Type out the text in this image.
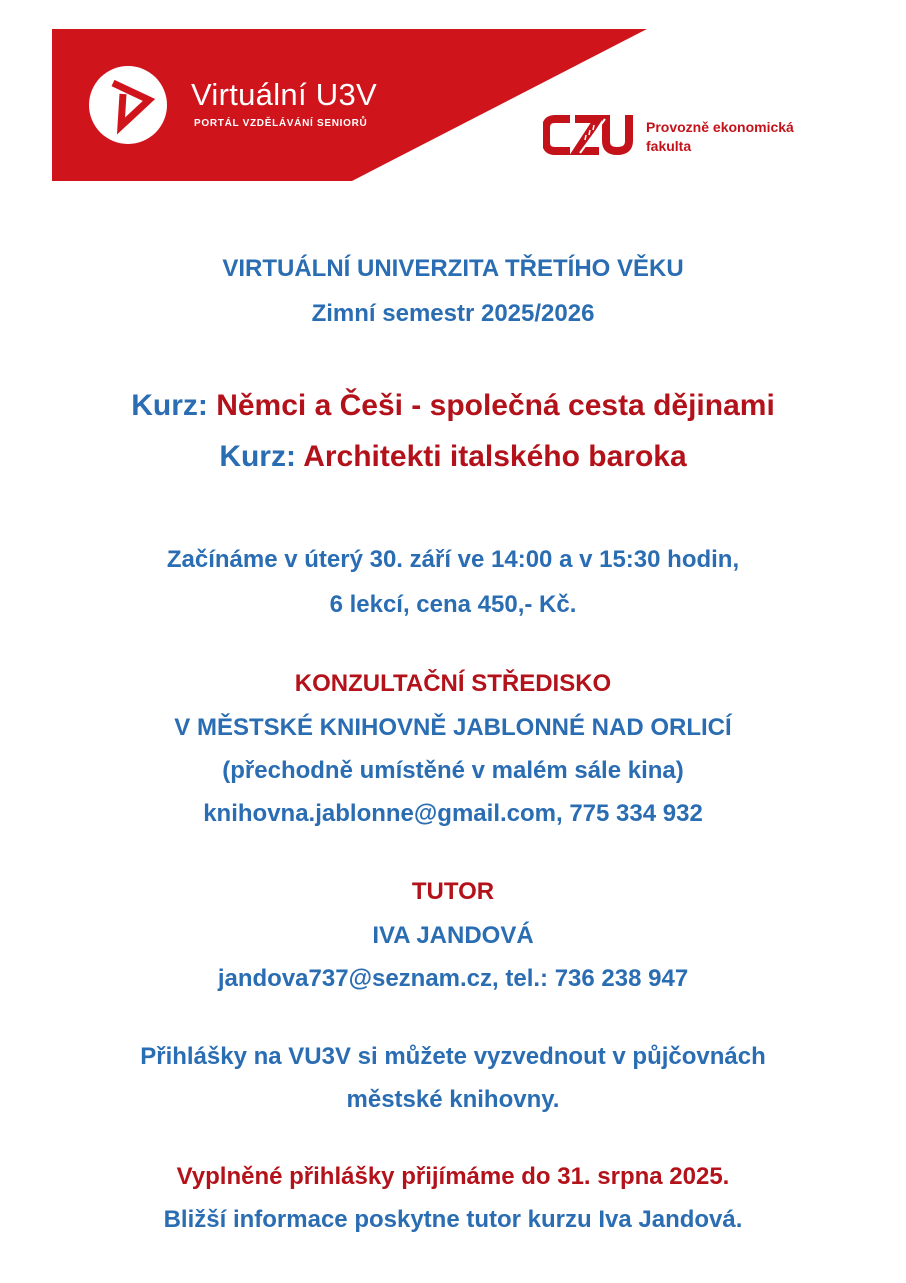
Virtuální U3V
PORTÁL VZDĚLÁVÁNÍ SENIORŮ	Provozně ekonomická
fakulta
VIRTUÁLNÍ UNIVERZITA TŘETÍHO VĚKU
Zimní semestr 2025/2026
Kurz: Němci a Češi - společná cesta dějinami
Kurz: Architekti italského baroka
Začínáme v úterý 30. září ve 14:00 a v 15:30 hodin,
6 lekcí, cena 450,- Kč.
KONZULTAČNÍ STŘEDISKO
V MĚSTSKÉ KNIHOVNĚ JABLONNÉ NAD ORLICÍ
(přechodně umístěné v malém sále kina)
knihovna.jablonne@gmail.com, 775 334 932
TUTOR
IVA JANDOVÁ
jandova737@seznam.cz, tel.: 736 238 947
Přihlášky na VU3V si můžete vyzvednout v půjčovnách
městské knihovny.
Vyplněné přihlášky přijímáme do 31. srpna 2025.
Bližší informace poskytne tutor kurzu Iva Jandová.
